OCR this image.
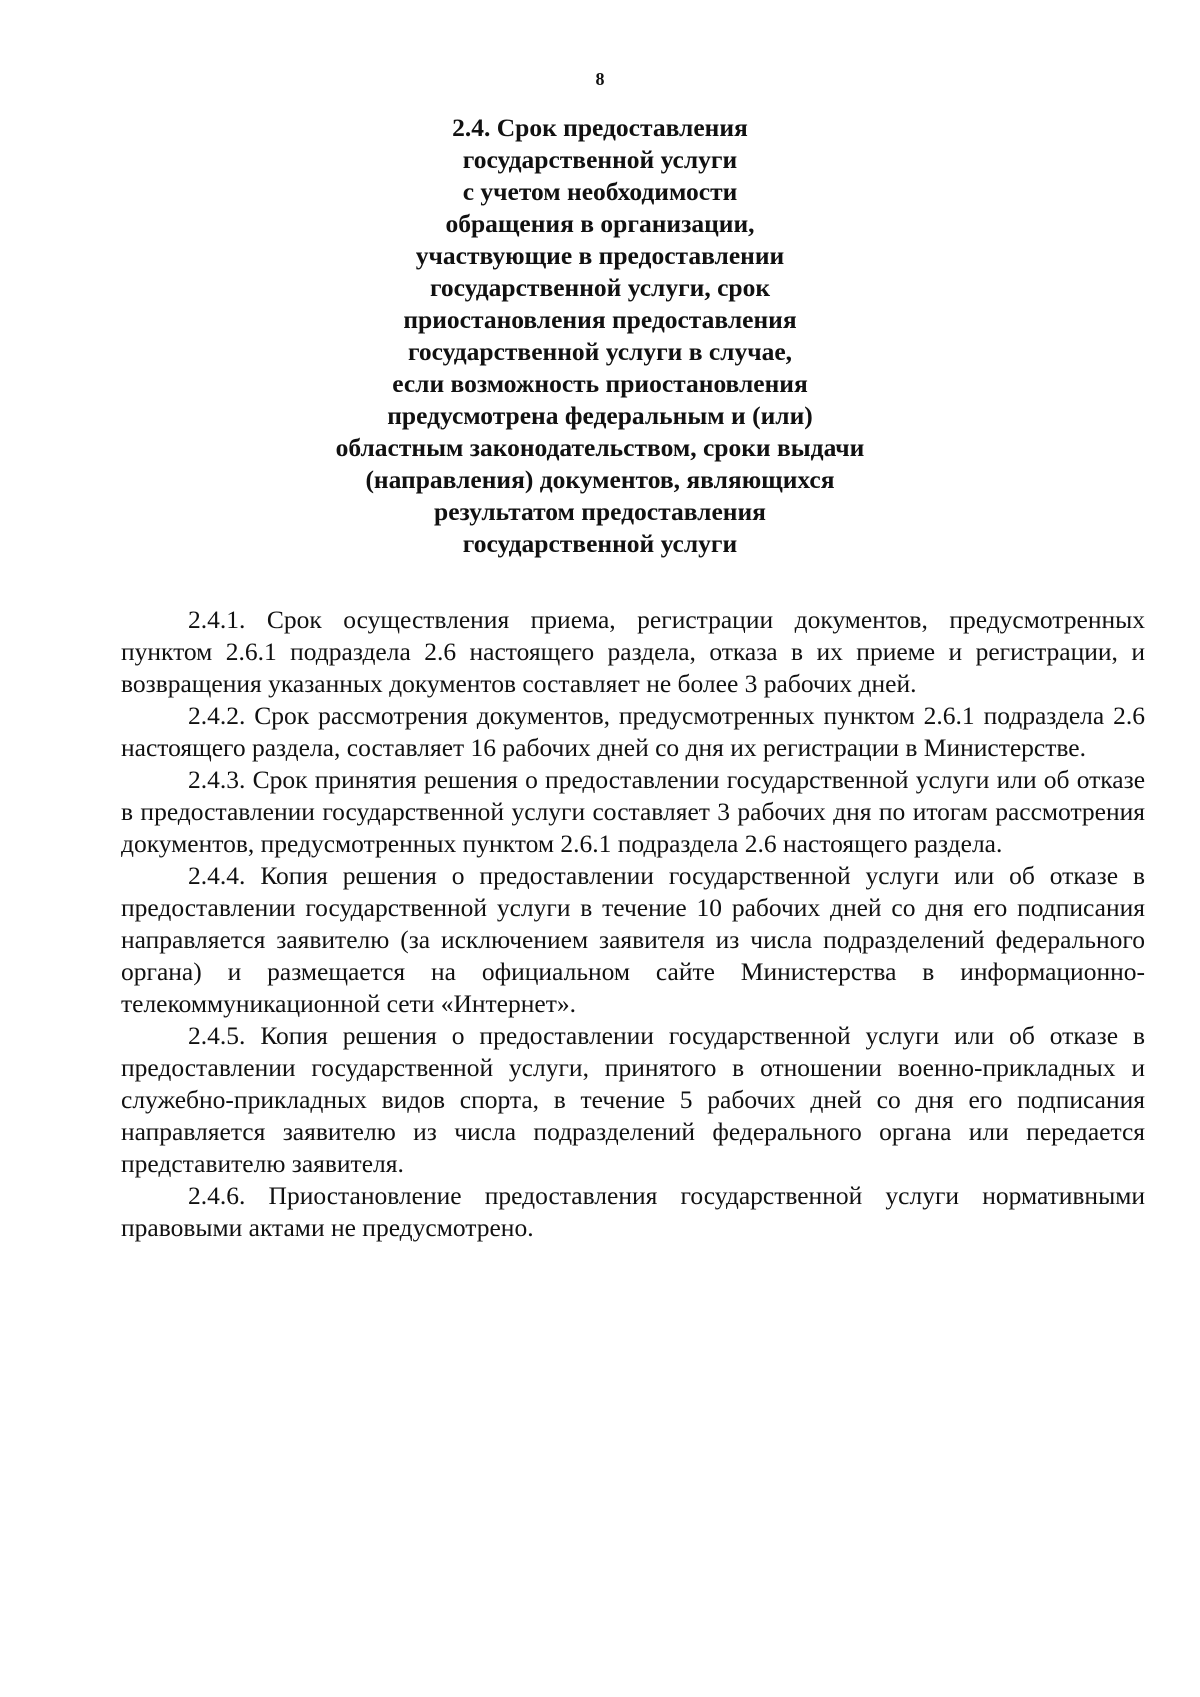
8
2.4. Срок предоставления
государственной услуги
с учетом необходимости
обращения в организации,
участвующие в предоставлении
государственной услуги, срок
приостановления предоставления
государственной услуги в случае,
если возможность приостановления
предусмотрена федеральным и (или)
областным законодательством, сроки выдачи
(направления) документов, являющихся
результатом предоставления
государственной услуги

2.4.1. Срок осуществления приема, регистрации документов, предусмотренных пунктом 2.6.1 подраздела 2.6 настоящего раздела, отказа в их приеме и регистрации, и возвращения указанных документов составляет не более 3 рабочих дней.

2.4.2. Срок рассмотрения документов, предусмотренных пунктом 2.6.1 подраздела 2.6 настоящего раздела, составляет 16 рабочих дней со дня их регистрации в Министерстве.

2.4.3. Срок принятия решения о предоставлении государственной услуги или об отказе в предоставлении государственной услуги составляет 3 рабочих дня по итогам рассмотрения документов, предусмотренных пунктом 2.6.1 подраздела 2.6 настоящего раздела.

2.4.4. Копия решения о предоставлении государственной услуги или об отказе в предоставлении государственной услуги в течение 10 рабочих дней со дня его подписания направляется заявителю (за исключением заявителя из числа подразделений федерального органа) и размещается на официальном сайте Министерства в информационно-телекоммуникационной сети «Интернет».

2.4.5. Копия решения о предоставлении государственной услуги или об отказе в предоставлении государственной услуги, принятого в отношении военно-прикладных и служебно-прикладных видов спорта, в течение 5 рабочих дней со дня его подписания направляется заявителю из числа подразделений федерального органа или передается представителю заявителя.

2.4.6. Приостановление предоставления государственной услуги нормативными правовыми актами не предусмотрено.
